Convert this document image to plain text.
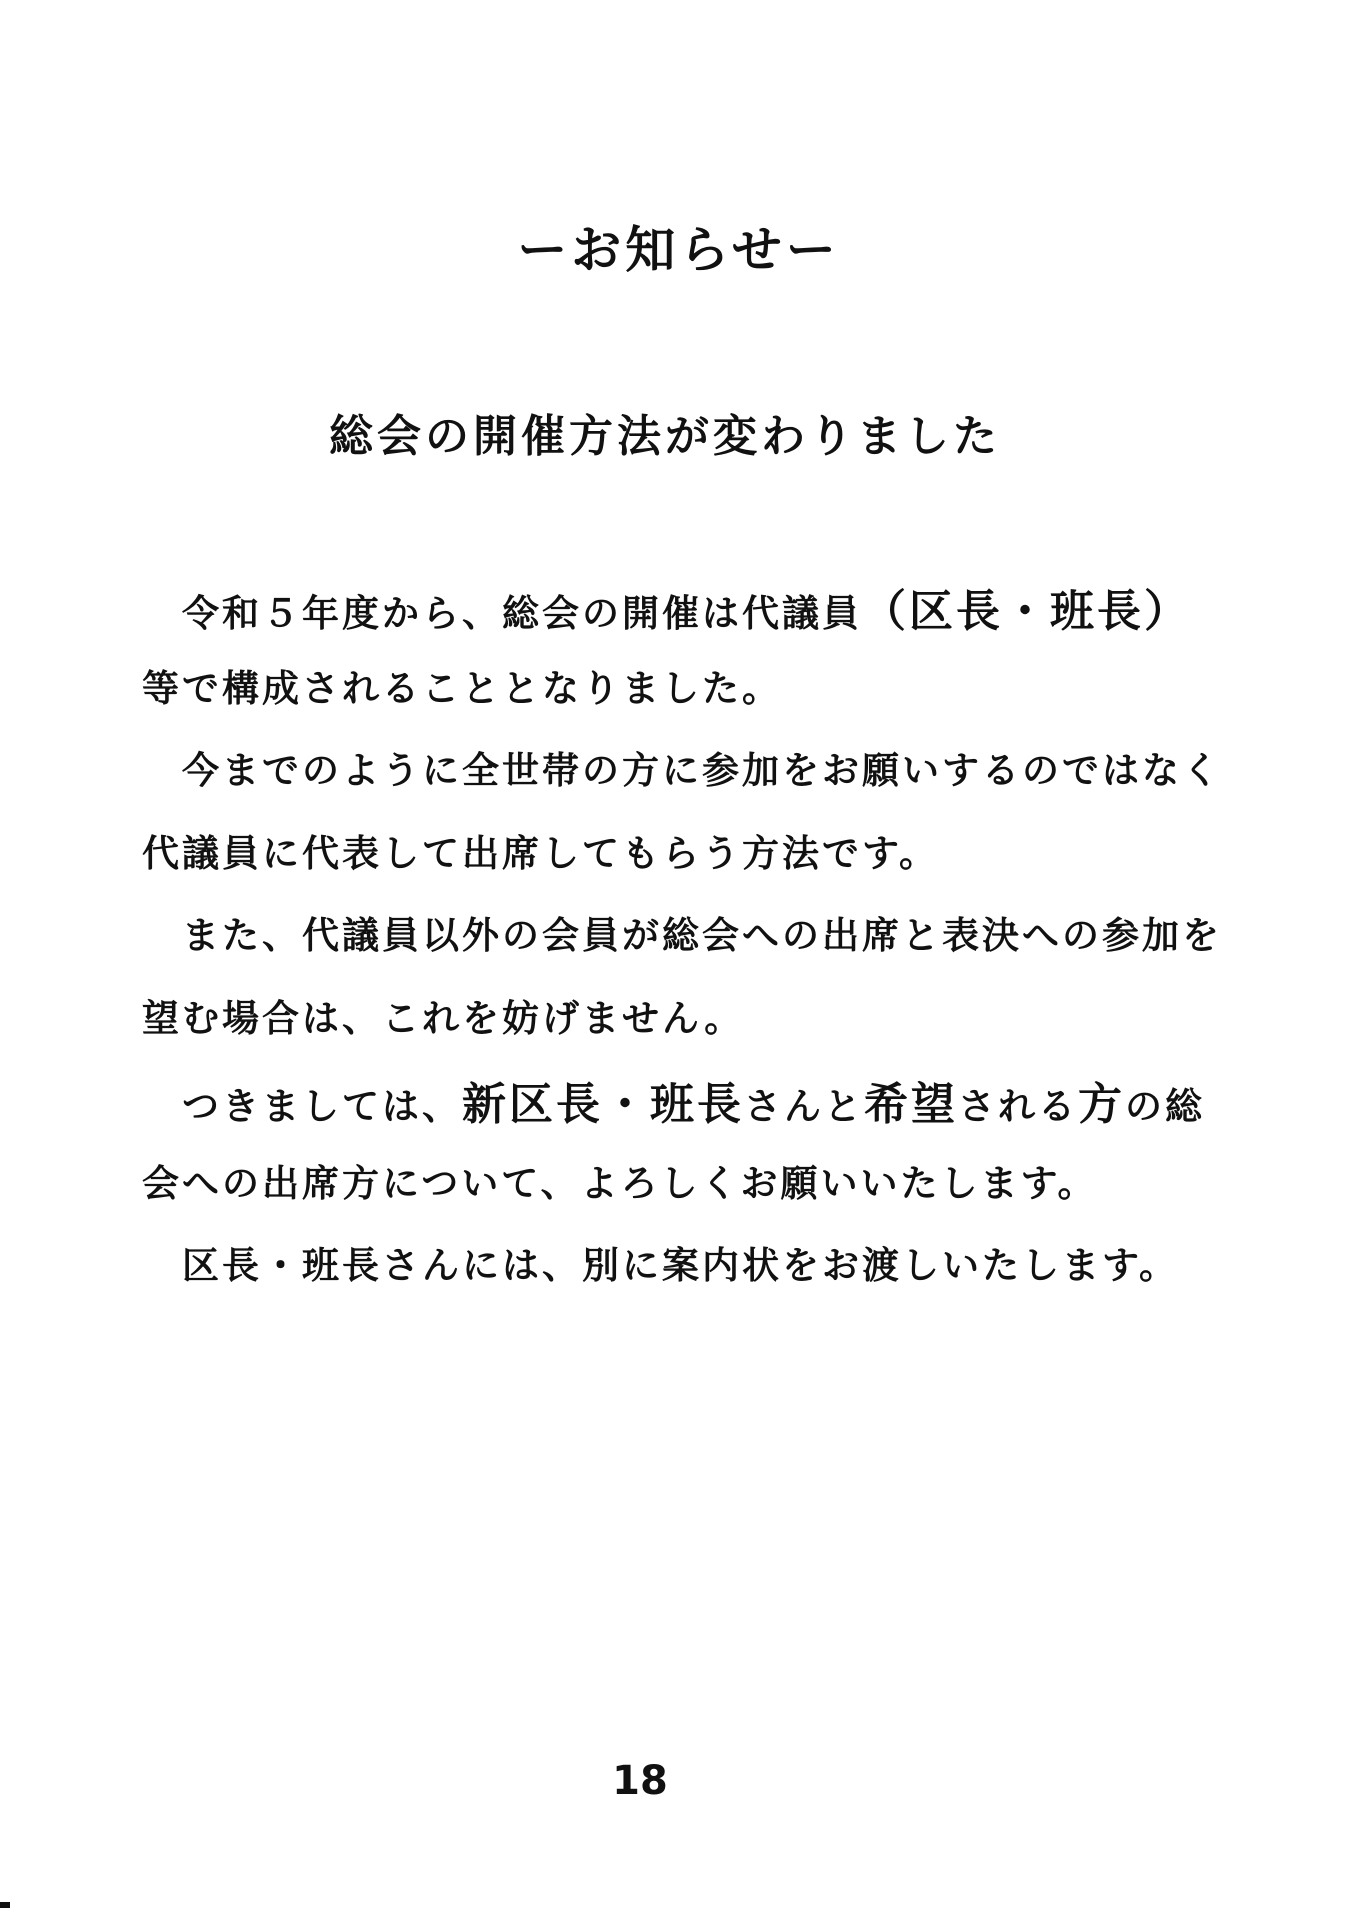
ーお知らせー
総会の開催方法が変わりました
令和５年度から、総会の開催は代議員（区長・班長）
等で構成されることとなりました。
今までのように全世帯の方に参加をお願いするのではなく
代議員に代表して出席してもらう方法です。
また、代議員以外の会員が総会への出席と表決への参加を
望む場合は、これを妨げません。
つきましては、新区長・班長さんと希望される方の総
会への出席方について、よろしくお願いいたします。
区長・班長さんには、別に案内状をお渡しいたします。
18
